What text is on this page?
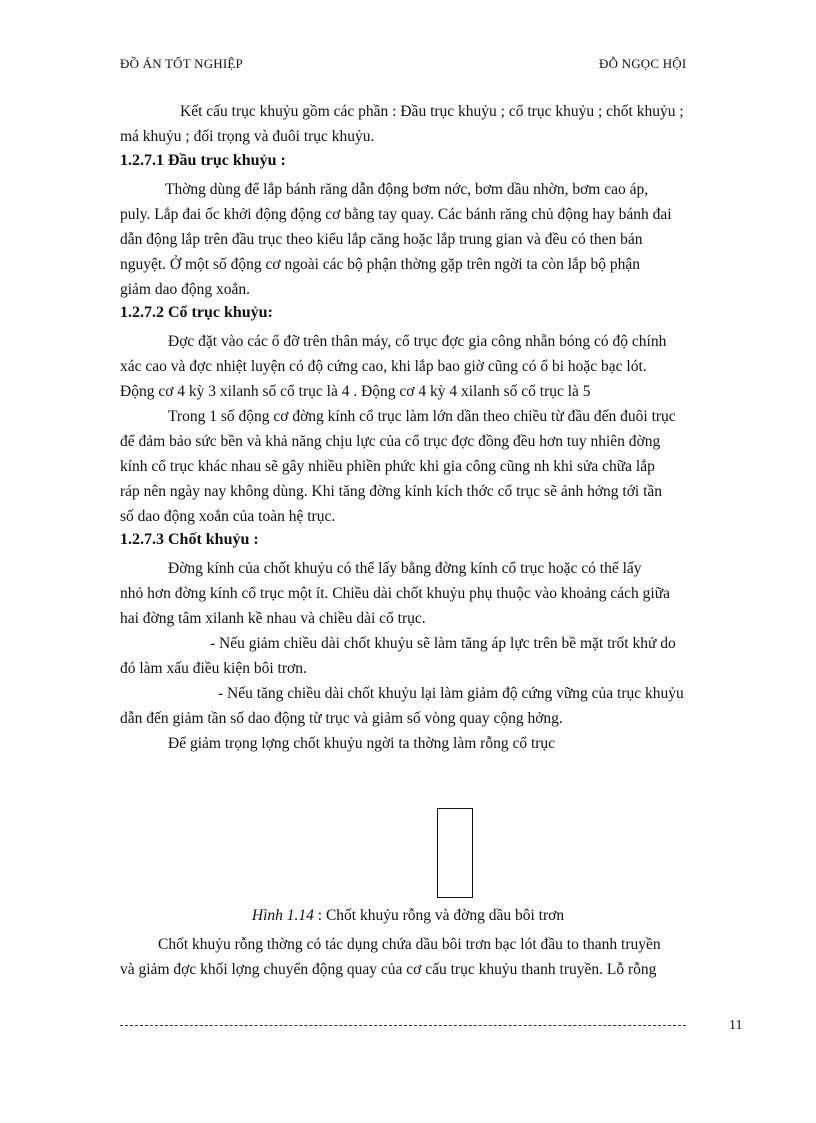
ĐỒ ÁN TỐT NGHIỆP	ĐỖ NGỌC HỘI

Kết cấu trục khuỷu gồm các phần : Đầu trục khuỷu ; cổ trục khuỷu ; chốt khuỷu ;

má khuỷu ; đối trọng và đuôi trục khuỷu.

1.2.7.1 Đầu trục khuỷu :

Thờng dùng để lắp bánh răng dẫn động bơm nớc, bơm dầu nhờn, bơm cao áp,

puly. Lắp đai ốc khởi động động cơ bằng tay quay. Các bánh răng chủ động hay bánh đai

dẫn động lắp trên đầu trục theo kiểu lắp căng hoặc lắp trung gian và đều có then bán

nguyệt. Ở một số động cơ ngoài các bộ phận thờng gặp trên ngời ta còn lắp bộ phận

giảm dao động xoắn.

1.2.7.2 Cổ trục khuỷu:

Đợc đặt vào các ổ đỡ trên thân máy, cổ trục đợc gia công nhẵn bóng có độ chính

xác cao và đợc nhiệt luyện có độ cứng cao, khi lắp bao giờ cũng có ổ bi hoặc bạc lót.

Động cơ 4 kỳ 3 xilanh số cổ trục là 4 . Động cơ 4 kỳ 4 xilanh số cổ trục là 5

Trong 1 số động cơ đờng kính cổ trục làm lớn dần theo chiều từ đầu đến đuôi trục

để đảm bảo sức bền và khả năng chịu lực của cổ trục đợc đồng đều hơn tuy nhiên đờng

kính cổ trục khác nhau sẽ gây nhiều phiền phức khi gia công cũng nh khi sửa chữa lắp

ráp nên ngày nay không dùng. Khi tăng đờng kính kích thớc cổ trục sẽ ảnh hởng tới tần

số dao động xoắn của toàn hệ trục.

1.2.7.3 Chốt khuỷu :

Đờng kính của chốt khuỷu có thể lấy bằng đờng kính cổ trục hoặc có thể lấy

nhỏ hơn đờng kính cổ trục một ít. Chiều dài chốt khuỷu phụ thuộc vào khoảng cách giữa

hai đờng tâm xilanh kề nhau và chiều dài cổ trục.

- Nếu giảm chiều dài chốt khuỷu sẽ làm tăng áp lực trên bề mặt trốt khử do

đó làm xấu điều kiện bôi trơn.

- Nếu tăng chiều dài chốt khuỷu lại làm giảm độ cứng vững của trục khuỷu

dẫn đến giảm tần số dao động từ trục và giảm số vòng quay cộng hởng.

Để giảm trọng lợng chốt khuỷu ngời ta thờng làm rỗng cổ trục

Hình 1.14 : Chốt khuỷu rỗng và đờng dầu bôi trơn

Chốt khuỷu rỗng thờng có tác dụng chứa dầu bôi trơn bạc lót đầu to thanh truyền

và giảm đợc khối lợng chuyển động quay của cơ cấu trục khuỷu thanh truyền. Lỗ rỗng

11
